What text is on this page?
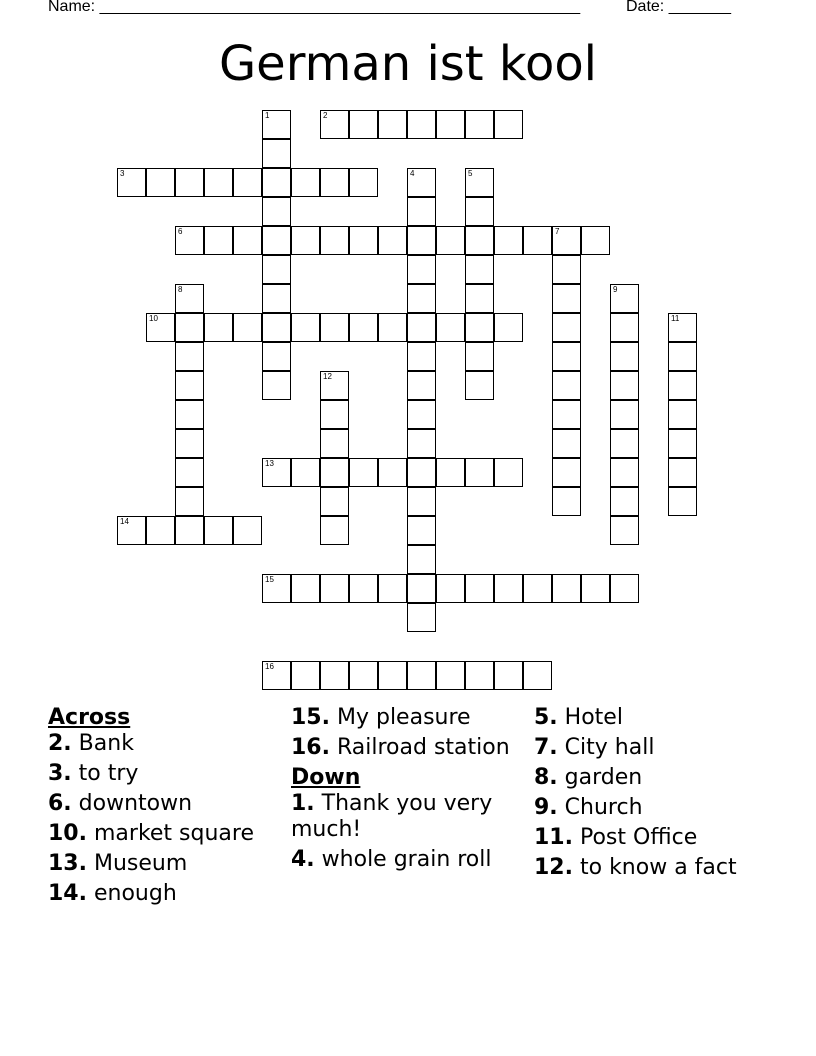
Name: ______________________________________________________	Date: _______
German ist kool
1	2
3	4	5
6	7
8	9
10	11
12
13
14
15
16
Across
2. Bank
3. to try
6. downtown
10. market square
13. Museum
14. enough
15. My pleasure
16. Railroad station
Down
1. Thank you very much!
4. whole grain roll
5. Hotel
7. City hall
8. garden
9. Church
11. Post Office
12. to know a fact
